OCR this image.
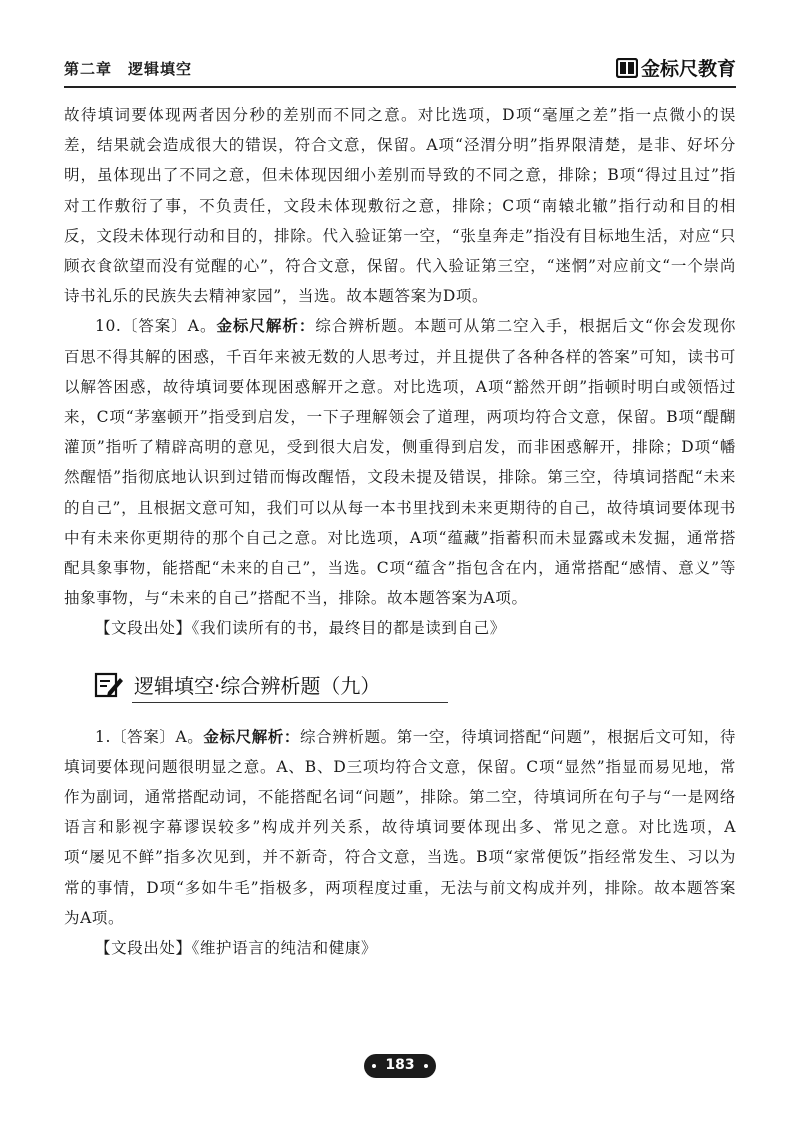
第二章　逻辑填空	金标尺教育

故待填词要体现两者因分秒的差别而不同之意。对比选项，D项“毫厘之差”指一点微小的误差，结果就会造成很大的错误，符合文意，保留。A项“泾渭分明”指界限清楚，是非、好坏分明，虽体现出了不同之意，但未体现因细小差别而导致的不同之意，排除；B项“得过且过”指对工作敷衍了事，不负责任，文段未体现敷衍之意，排除；C项“南辕北辙”指行动和目的相反，文段未体现行动和目的，排除。代入验证第一空，“张皇奔走”指没有目标地生活，对应“只顾衣食欲望而没有觉醒的心”，符合文意，保留。代入验证第三空，“迷惘”对应前文“一个崇尚诗书礼乐的民族失去精神家园”，当选。故本题答案为D项。

10.〔答案〕A。金标尺解析：综合辨析题。本题可从第二空入手，根据后文“你会发现你百思不得其解的困惑，千百年来被无数的人思考过，并且提供了各种各样的答案”可知，读书可以解答困惑，故待填词要体现困惑解开之意。对比选项，A项“豁然开朗”指顿时明白或领悟过来，C项“茅塞顿开”指受到启发，一下子理解领会了道理，两项均符合文意，保留。B项“醍醐灌顶”指听了精辟高明的意见，受到很大启发，侧重得到启发，而非困惑解开，排除；D项“幡然醒悟”指彻底地认识到过错而悔改醒悟，文段未提及错误，排除。第三空，待填词搭配“未来的自己”，且根据文意可知，我们可以从每一本书里找到未来更期待的自己，故待填词要体现书中有未来你更期待的那个自己之意。对比选项，A项“蕴藏”指蓄积而未显露或未发掘，通常搭配具象事物，能搭配“未来的自己”，当选。C项“蕴含”指包含在内，通常搭配“感情、意义”等抽象事物，与“未来的自己”搭配不当，排除。故本题答案为A项。

【文段出处】《我们读所有的书，最终目的都是读到自己》

逻辑填空·综合辨析题（九）

1.〔答案〕A。金标尺解析：综合辨析题。第一空，待填词搭配“问题”，根据后文可知，待填词要体现问题很明显之意。A、B、D三项均符合文意，保留。C项“显然”指显而易见地，常作为副词，通常搭配动词，不能搭配名词“问题”，排除。第二空，待填词所在句子与“一是网络语言和影视字幕谬误较多”构成并列关系，故待填词要体现出多、常见之意。对比选项，A项“屡见不鲜”指多次见到，并不新奇，符合文意，当选。B项“家常便饭”指经常发生、习以为常的事情，D项“多如牛毛”指极多，两项程度过重，无法与前文构成并列，排除。故本题答案为A项。

【文段出处】《维护语言的纯洁和健康》

183
